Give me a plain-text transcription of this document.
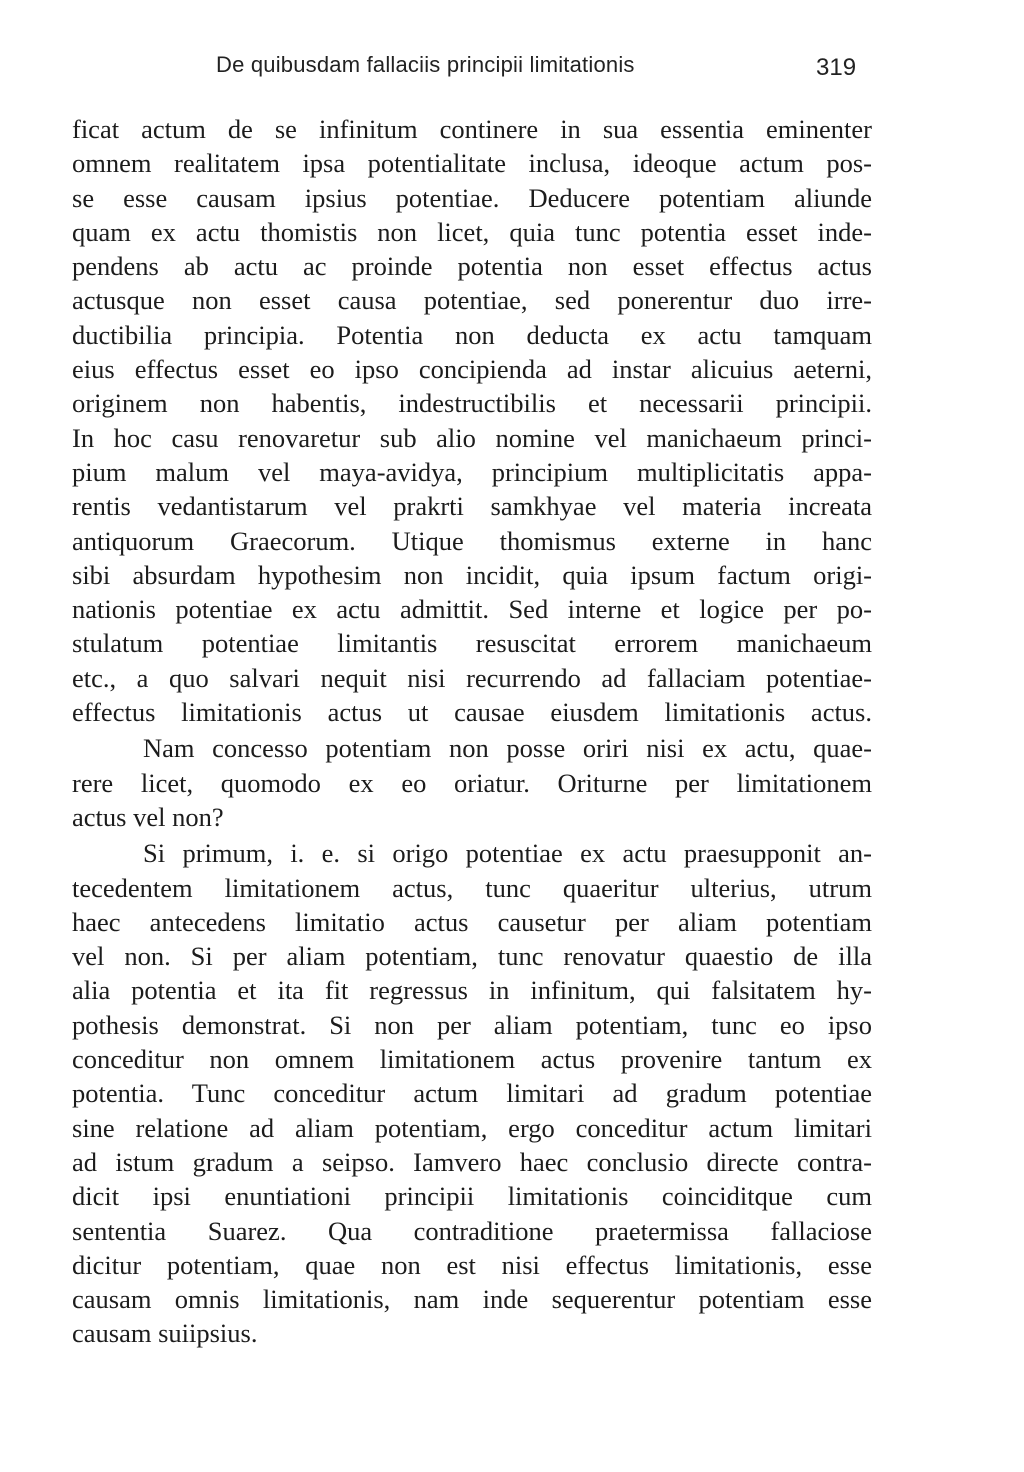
De quibusdam fallaciis principii limitationis	319
ficat actum de se infinitum continere in sua essentia eminenter
omnem realitatem ipsa potentialitate inclusa, ideoque actum pos-
se esse causam ipsius potentiae. Deducere potentiam aliunde
quam ex actu thomistis non licet, quia tunc potentia esset inde-
pendens ab actu ac proinde potentia non esset effectus actus
actusque non esset causa potentiae, sed ponerentur duo irre-
ductibilia principia. Potentia non deducta ex actu tamquam
eius effectus esset eo ipso concipienda ad instar alicuius aeterni,
originem non habentis, indestructibilis et necessarii principii.
In hoc casu renovaretur sub alio nomine vel manichaeum princi-
pium malum vel maya-avidya, principium multiplicitatis appa-
rentis vedantistarum vel prakrti samkhyae vel materia increata
antiquorum Graecorum. Utique thomismus externe in hanc
sibi absurdam hypothesim non incidit, quia ipsum factum origi-
nationis potentiae ex actu admittit. Sed interne et logice per po-
stulatum potentiae limitantis resuscitat errorem manichaeum
etc., a quo salvari nequit nisi recurrendo ad fallaciam potentiae-
effectus limitationis actus ut causae eiusdem limitationis actus.
Nam concesso potentiam non posse oriri nisi ex actu, quae-
rere licet, quomodo ex eo oriatur. Oriturne per limitationem
actus vel non?
Si primum, i. e. si origo potentiae ex actu praesupponit an-
tecedentem limitationem actus, tunc quaeritur ulterius, utrum
haec antecedens limitatio actus causetur per aliam potentiam
vel non. Si per aliam potentiam, tunc renovatur quaestio de illa
alia potentia et ita fit regressus in infinitum, qui falsitatem hy-
pothesis demonstrat. Si non per aliam potentiam, tunc eo ipso
conceditur non omnem limitationem actus provenire tantum ex
potentia. Tunc conceditur actum limitari ad gradum potentiae
sine relatione ad aliam potentiam, ergo conceditur actum limitari
ad istum gradum a seipso. Iamvero haec conclusio directe contra-
dicit ipsi enuntiationi principii limitationis coinciditque cum
sententia Suarez. Qua contraditione praetermissa fallaciose
dicitur potentiam, quae non est nisi effectus limitationis, esse
causam omnis limitationis, nam inde sequerentur potentiam esse
causam suiipsius.
